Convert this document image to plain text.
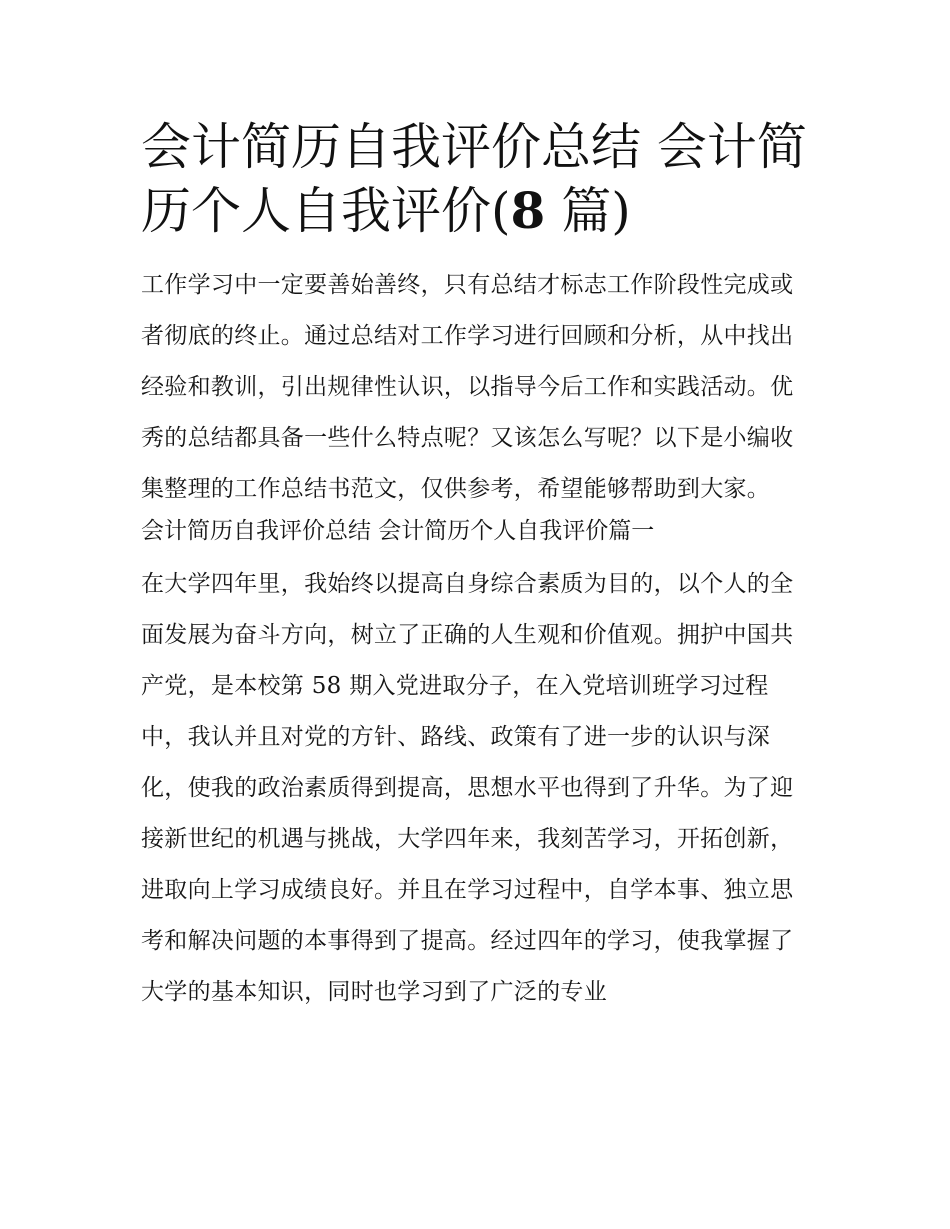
会计简历自我评价总结 会计简历个人自我评价(8 篇)

工作学习中一定要善始善终，只有总结才标志工作阶段性完成或者彻底的终止。通过总结对工作学习进行回顾和分析，从中找出经验和教训，引出规律性认识，以指导今后工作和实践活动。优秀的总结都具备一些什么特点呢？又该怎么写呢？以下是小编收集整理的工作总结书范文，仅供参考，希望能够帮助到大家。

会计简历自我评价总结 会计简历个人自我评价篇一

在大学四年里，我始终以提高自身综合素质为目的，以个人的全面发展为奋斗方向，树立了正确的人生观和价值观。拥护中国共产党，是本校第 58 期入党进取分子，在入党培训班学习过程中，我认并且对党的方针、路线、政策有了进一步的认识与深化，使我的政治素质得到提高，思想水平也得到了升华。为了迎接新世纪的机遇与挑战，大学四年来，我刻苦学习，开拓创新，进取向上学习成绩良好。并且在学习过程中，自学本事、独立思考和解决问题的本事得到了提高。经过四年的学习，使我掌握了大学的基本知识，同时也学习到了广泛的专业
